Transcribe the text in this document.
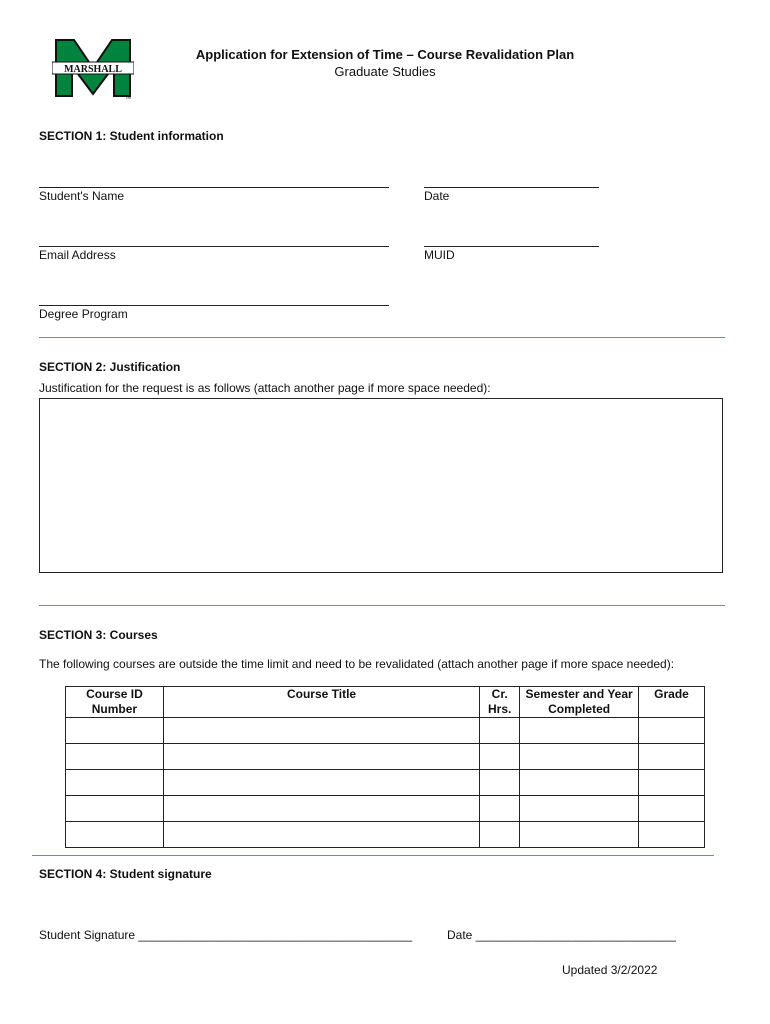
MARSHALL
TM
Application for Extension of Time – Course Revalidation Plan
Graduate Studies
SECTION 1: Student information
Student's Name	Date
Email Address	MUID
Degree Program
SECTION 2: Justification
Justification for the request is as follows (attach another page if more space needed):
SECTION 3: Courses
The following courses are outside the time limit and need to be revalidated (attach another page if more space needed):
Course ID Number	Course Title	Cr. Hrs.	Semester and Year Completed	Grade

SECTION 4: Student signature
Student Signature _________________________________________	Date ______________________________
Updated 3/2/2022
